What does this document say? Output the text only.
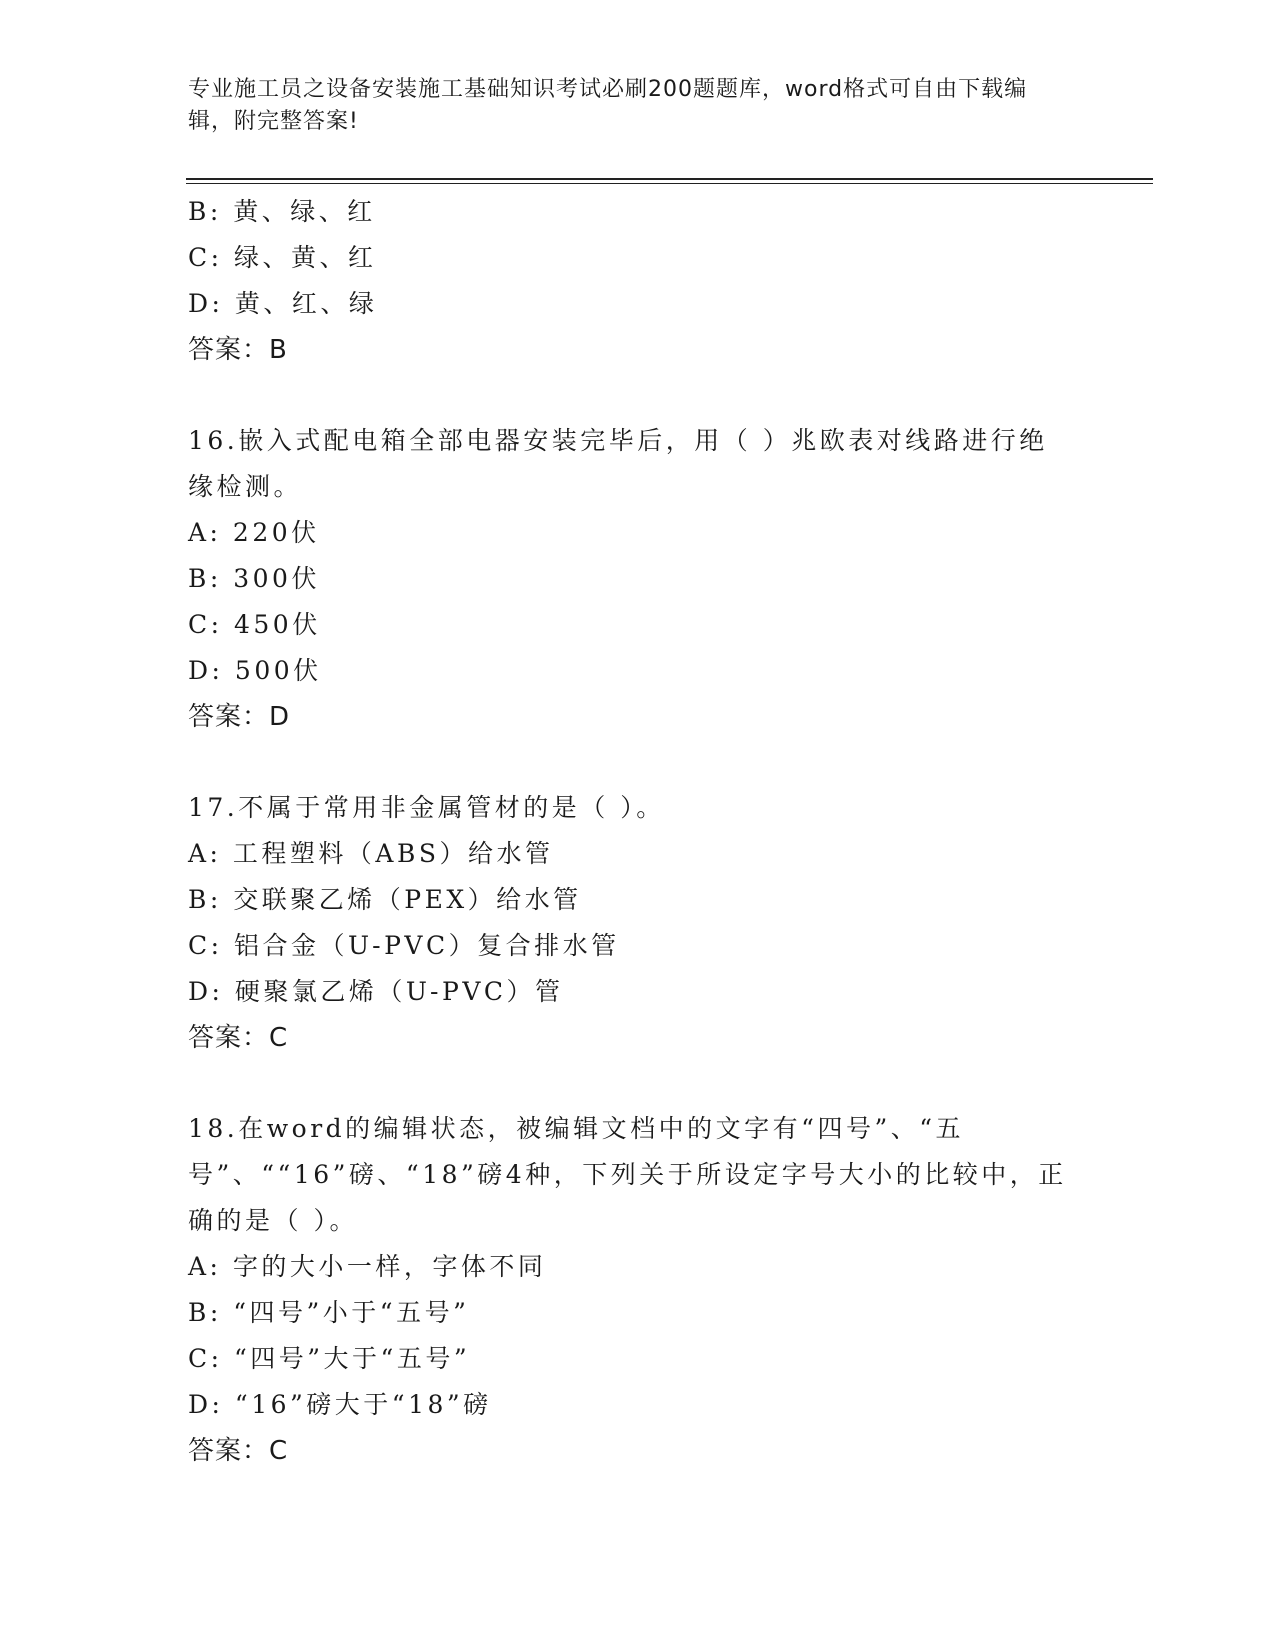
专业施工员之设备安装施工基础知识考试必刷200题题库，word格式可自由下载编辑，附完整答案!
B: 黄、绿、红
C: 绿、黄、红
D: 黄、红、绿
答案：B
16.嵌入式配电箱全部电器安装完毕后，用（ ）兆欧表对线路进行绝缘检测。
A: 220伏
B: 300伏
C: 450伏
D: 500伏
答案：D
17.不属于常用非金属管材的是（ ）。
A: 工程塑料（ABS）给水管
B: 交联聚乙烯（PEX）给水管
C: 铝合金（U-PVC）复合排水管
D: 硬聚氯乙烯（U-PVC）管
答案：C
18.在word的编辑状态，被编辑文档中的文字有“四号”、“五号”、““16”磅、“18”磅4种，下列关于所设定字号大小的比较中，正确的是（ ）。
A: 字的大小一样，字体不同
B: “四号”小于“五号”
C: “四号”大于“五号”
D: “16”磅大于“18”磅
答案：C
